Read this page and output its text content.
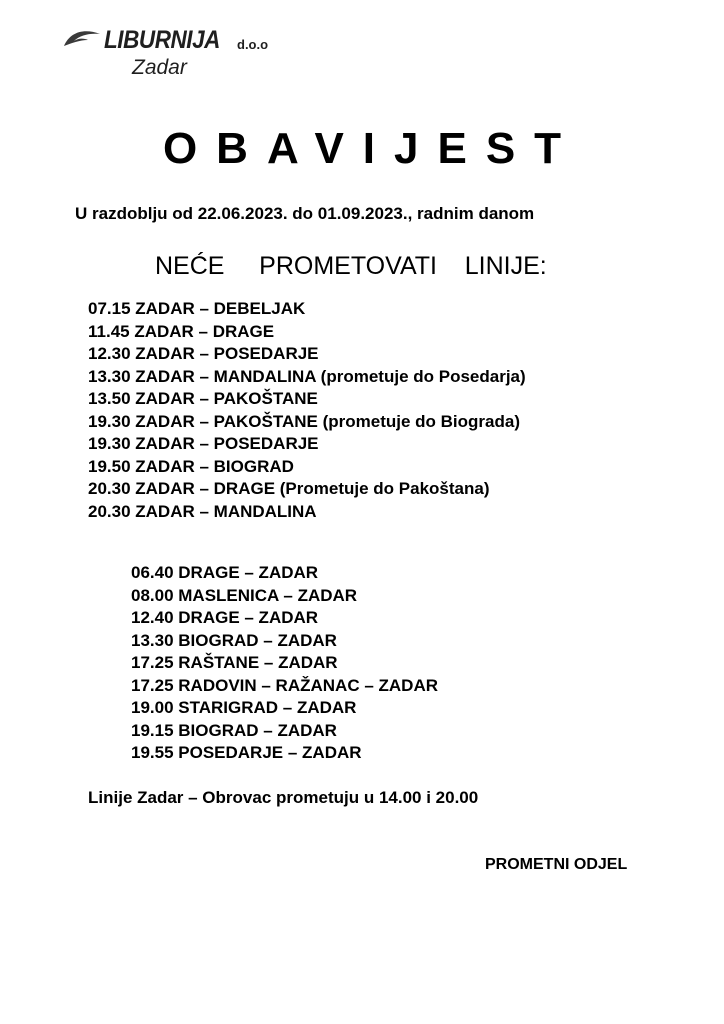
LIBURNIJA d.o.o
Zadar
OBAVIJEST
U razdoblju od 22.06.2023. do 01.09.2023., radnim danom
NEĆE     PROMETOVATI    LINIJE:
07.15 ZADAR – DEBELJAK
11.45 ZADAR – DRAGE
12.30 ZADAR – POSEDARJE
13.30 ZADAR – MANDALINA (prometuje do Posedarja)
13.50 ZADAR – PAKOŠTANE
19.30 ZADAR – PAKOŠTANE (prometuje do Biograda)
19.30 ZADAR – POSEDARJE
19.50 ZADAR – BIOGRAD
20.30 ZADAR – DRAGE (Prometuje do Pakoštana)
20.30 ZADAR – MANDALINA
06.40 DRAGE – ZADAR
08.00 MASLENICA – ZADAR
12.40 DRAGE – ZADAR
13.30 BIOGRAD – ZADAR
17.25 RAŠTANE – ZADAR
17.25 RADOVIN – RAŽANAC – ZADAR
19.00 STARIGRAD – ZADAR
19.15 BIOGRAD – ZADAR
19.55 POSEDARJE – ZADAR
Linije Zadar – Obrovac prometuju u 14.00 i 20.00
PROMETNI ODJEL
